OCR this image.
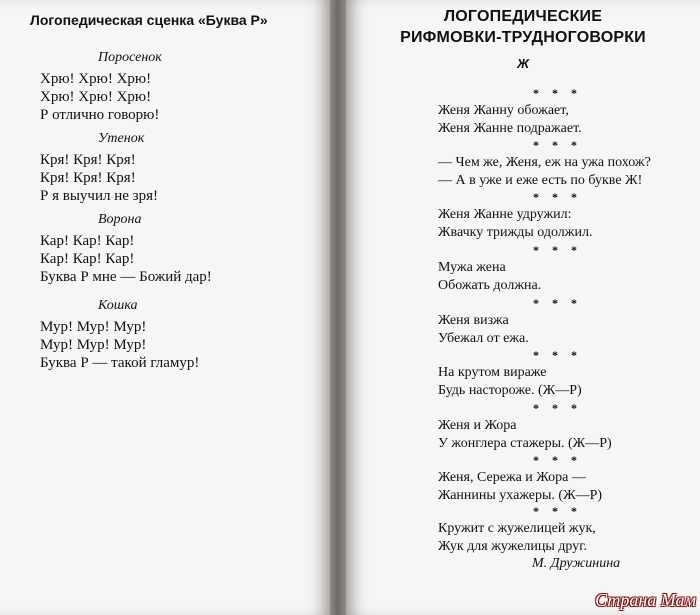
Логопедическая сценка «Буква Р»
Поросенок
Хрю! Хрю! Хрю!
Хрю! Хрю! Хрю!
Р отлично говорю!
Утенок
Кря! Кря! Кря!
Кря! Кря! Кря!
Р я выучил не зря!
Ворона
Кар! Кар! Кар!
Кар! Кар! Кар!
Буква Р мне — Божий дар!
Кошка
Мур! Мур! Мур!
Мур! Мур! Мур!
Буква Р — такой гламур!
ЛОГОПЕДИЧЕСКИЕ
РИФМОВКИ-ТРУДНОГОВОРКИ
Ж
* * *
Женя Жанну обожает,
Женя Жанне подражает.
* * *
— Чем же, Женя, еж на ужа похож?
— А в уже и еже есть по букве Ж!
* * *
Женя Жанне удружил:
Жвачку трижды одолжил.
* * *
Мужа жена
Обожать должна.
* * *
Женя визжа
Убежал от ежа.
* * *
На крутом вираже
Будь настороже. (Ж—Р)
* * *
Женя и Жора
У жонглера стажеры. (Ж—Р)
* * *
Женя, Сережа и Жора —
Жаннины ухажеры. (Ж—Р)
* * *
Кружит с жужелицей жук,
Жук для жужелицы друг.
М. Дружинина
Страна Мам
